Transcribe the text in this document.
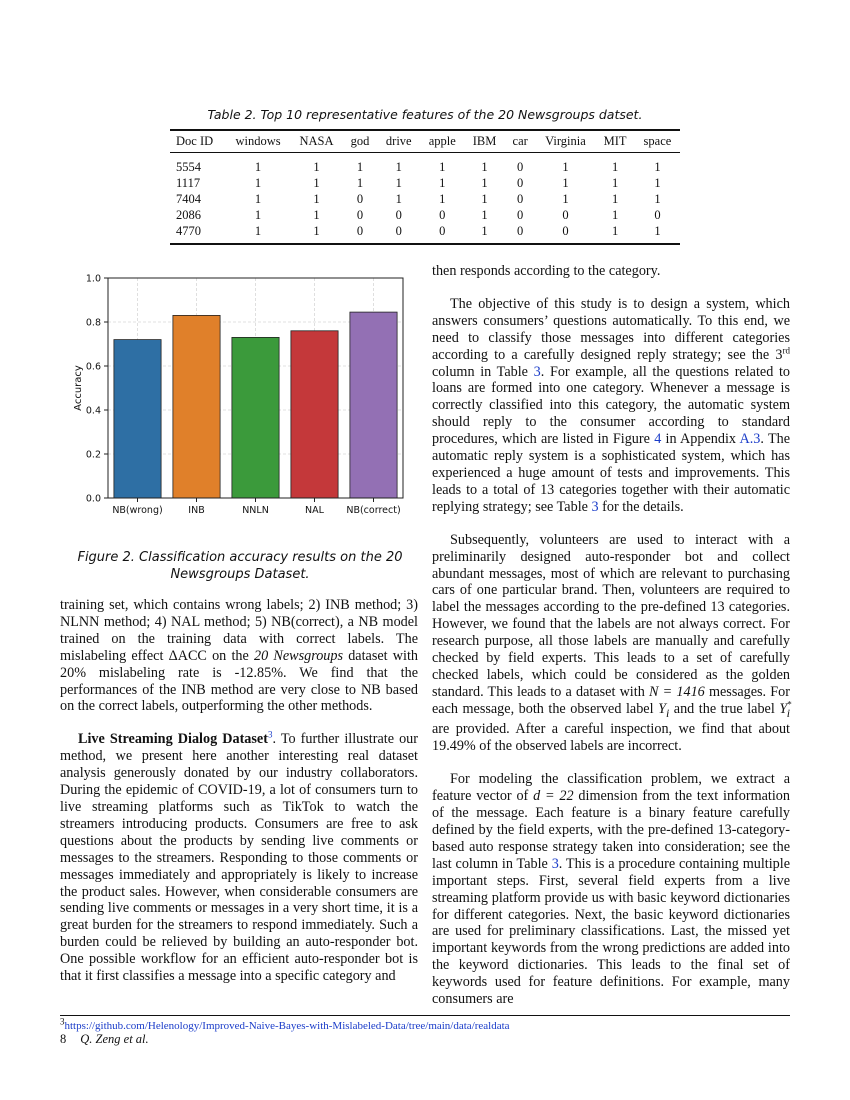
Table 2. Top 10 representative features of the 20 Newsgroups datset.
Doc ID	windows	NASA	god	drive	apple	IBM	car	Virginia	MIT	space
5554	1	1	1	1	1	1	0	1	1	1
1117	1	1	1	1	1	1	0	1	1	1
7404	1	1	0	1	1	1	0	1	1	1
2086	1	1	0	0	0	1	0	0	1	0
4770	1	1	0	0	0	1	0	0	1	1
0.0
0.2
0.4
0.6
0.8
1.0
NB(wrong)	INB	NNLN	NAL NB(correct)
Accuracy
Figure 2. Classification accuracy results on the 20 Newsgroups Dataset.

training set, which contains wrong labels; 2) INB method; 3) NLNN method; 4) NAL method; 5) NB(correct), a NB model trained on the training data with correct labels. The mislabeling effect ΔACC on the 20 Newsgroups dataset with 20% mislabeling rate is -12.85%. We find that the performances of the INB method are very close to NB based on the correct labels, outperforming the other methods.

Live Streaming Dialog Dataset$^3$. To further illustrate our method, we present here another interesting real dataset analysis generously donated by our industry collaborators. During the epidemic of COVID-19, a lot of consumers turn to live streaming platforms such as TikTok to watch the streamers introducing products. Consumers are free to ask questions about the products by sending live comments or messages to the streamers. Responding to those comments or messages immediately and appropriately is likely to increase the product sales. However, when considerable consumers are sending live comments or messages in a very short time, it is a great burden for the streamers to respond immediately. Such a burden could be relieved by building an auto-responder bot. One possible workflow for an efficient auto-responder bot is that it first classifies a message into a specific category and

then responds according to the category.

The objective of this study is to design a system, which answers consumers’ questions automatically. To this end, we need to classify those messages into different categories according to a carefully designed reply strategy; see the 3rd column in Table 3. For example, all the questions related to loans are formed into one category. Whenever a message is correctly classified into this category, the automatic system should reply to the consumer according to standard procedures, which are listed in Figure 4 in Appendix A.3. The automatic reply system is a sophisticated system, which has experienced a huge amount of tests and improvements. This leads to a total of 13 categories together with their automatic replying strategy; see Table 3 for the details.

Subsequently, volunteers are used to interact with a preliminarily designed auto-responder bot and collect abundant messages, most of which are relevant to purchasing cars of one particular brand. Then, volunteers are required to label the messages according to the pre-defined 13 categories. However, we found that the labels are not always correct. For research purpose, all those labels are manually and carefully checked by field experts. This leads to a set of carefully checked labels, which could be considered as the golden standard. This leads to a dataset with N = 1416 messages. For each message, both the observed label $Y_i$ and the true label $Y^*_i$ are provided. After a careful inspection, we find that about 19.49% of the observed labels are incorrect.

For modeling the classification problem, we extract a feature vector of d = 22 dimension from the text information of the message. Each feature is a binary feature carefully defined by the field experts, with the pre-defined 13-category-based auto response strategy taken into consideration; see the last column in Table 3. This is a procedure containing multiple important steps. First, several field experts from a live streaming platform provide us with basic keyword dictionaries for different categories. Next, the basic keyword dictionaries are used for preliminary classifications. Last, the missed yet important keywords from the wrong predictions are added into the keyword dictionaries. This leads to the final set of keywords used for feature definitions. For example, many consumers are

$^3$https://github.com/Helenology/Improved-Naive-Bayes-with-Mislabeled-Data/tree/main/data/realdata
8 Q. Zeng et al.
